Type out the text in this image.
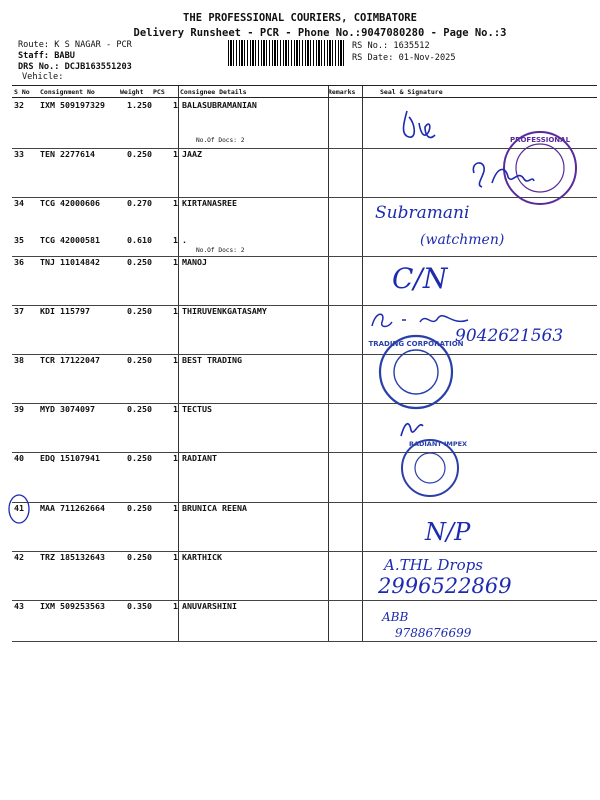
THE PROFESSIONAL COURIERS, COIMBATORE
Delivery Runsheet - PCR - Phone No.:9047080280 - Page No.:3
Route: K S NAGAR - PCR
Staff: BABU
DRS No.: DCJB163551203
Vehicle:
RS No.: 1635512
RS Date: 01-Nov-2025
S No Consignment No	Weight PCS Consignee Details	Remarks	Seal & Signature
32 IXM 509197329	1.250	1 BALASUBRAMANIAN
No.Of Docs: 2
33 TEN 2277614	0.250	1 JAAZ
34 TCG 42000606	0.270	1 KIRTANASREE
35 TCG 42000581	0.610	1 .
No.Of Docs: 2
36 TNJ 11014842	0.250	1 MANOJ
37 KDI 115797	0.250	1 THIRUVENKGATASAMY
38 TCR 17122047	0.250	1 BEST TRADING
39 MYD 3074097	0.250	1 TECTUS
40 EDQ 15107941	0.250	1 RADIANT
41 MAA 711262664	0.250	1 BRUNICA REENA
42 TRZ 185132643	0.250	1 KARTHICK
43 IXM 509253563	0.350	1 ANUVARSHINI
PROFESSIONAL
Subramani
(watchmen)
C/N
9042621563
TRADING CORPORATION
RADIANT IMPEX
N/P
A.THL Drops
2996522869
ABB
9788676699
